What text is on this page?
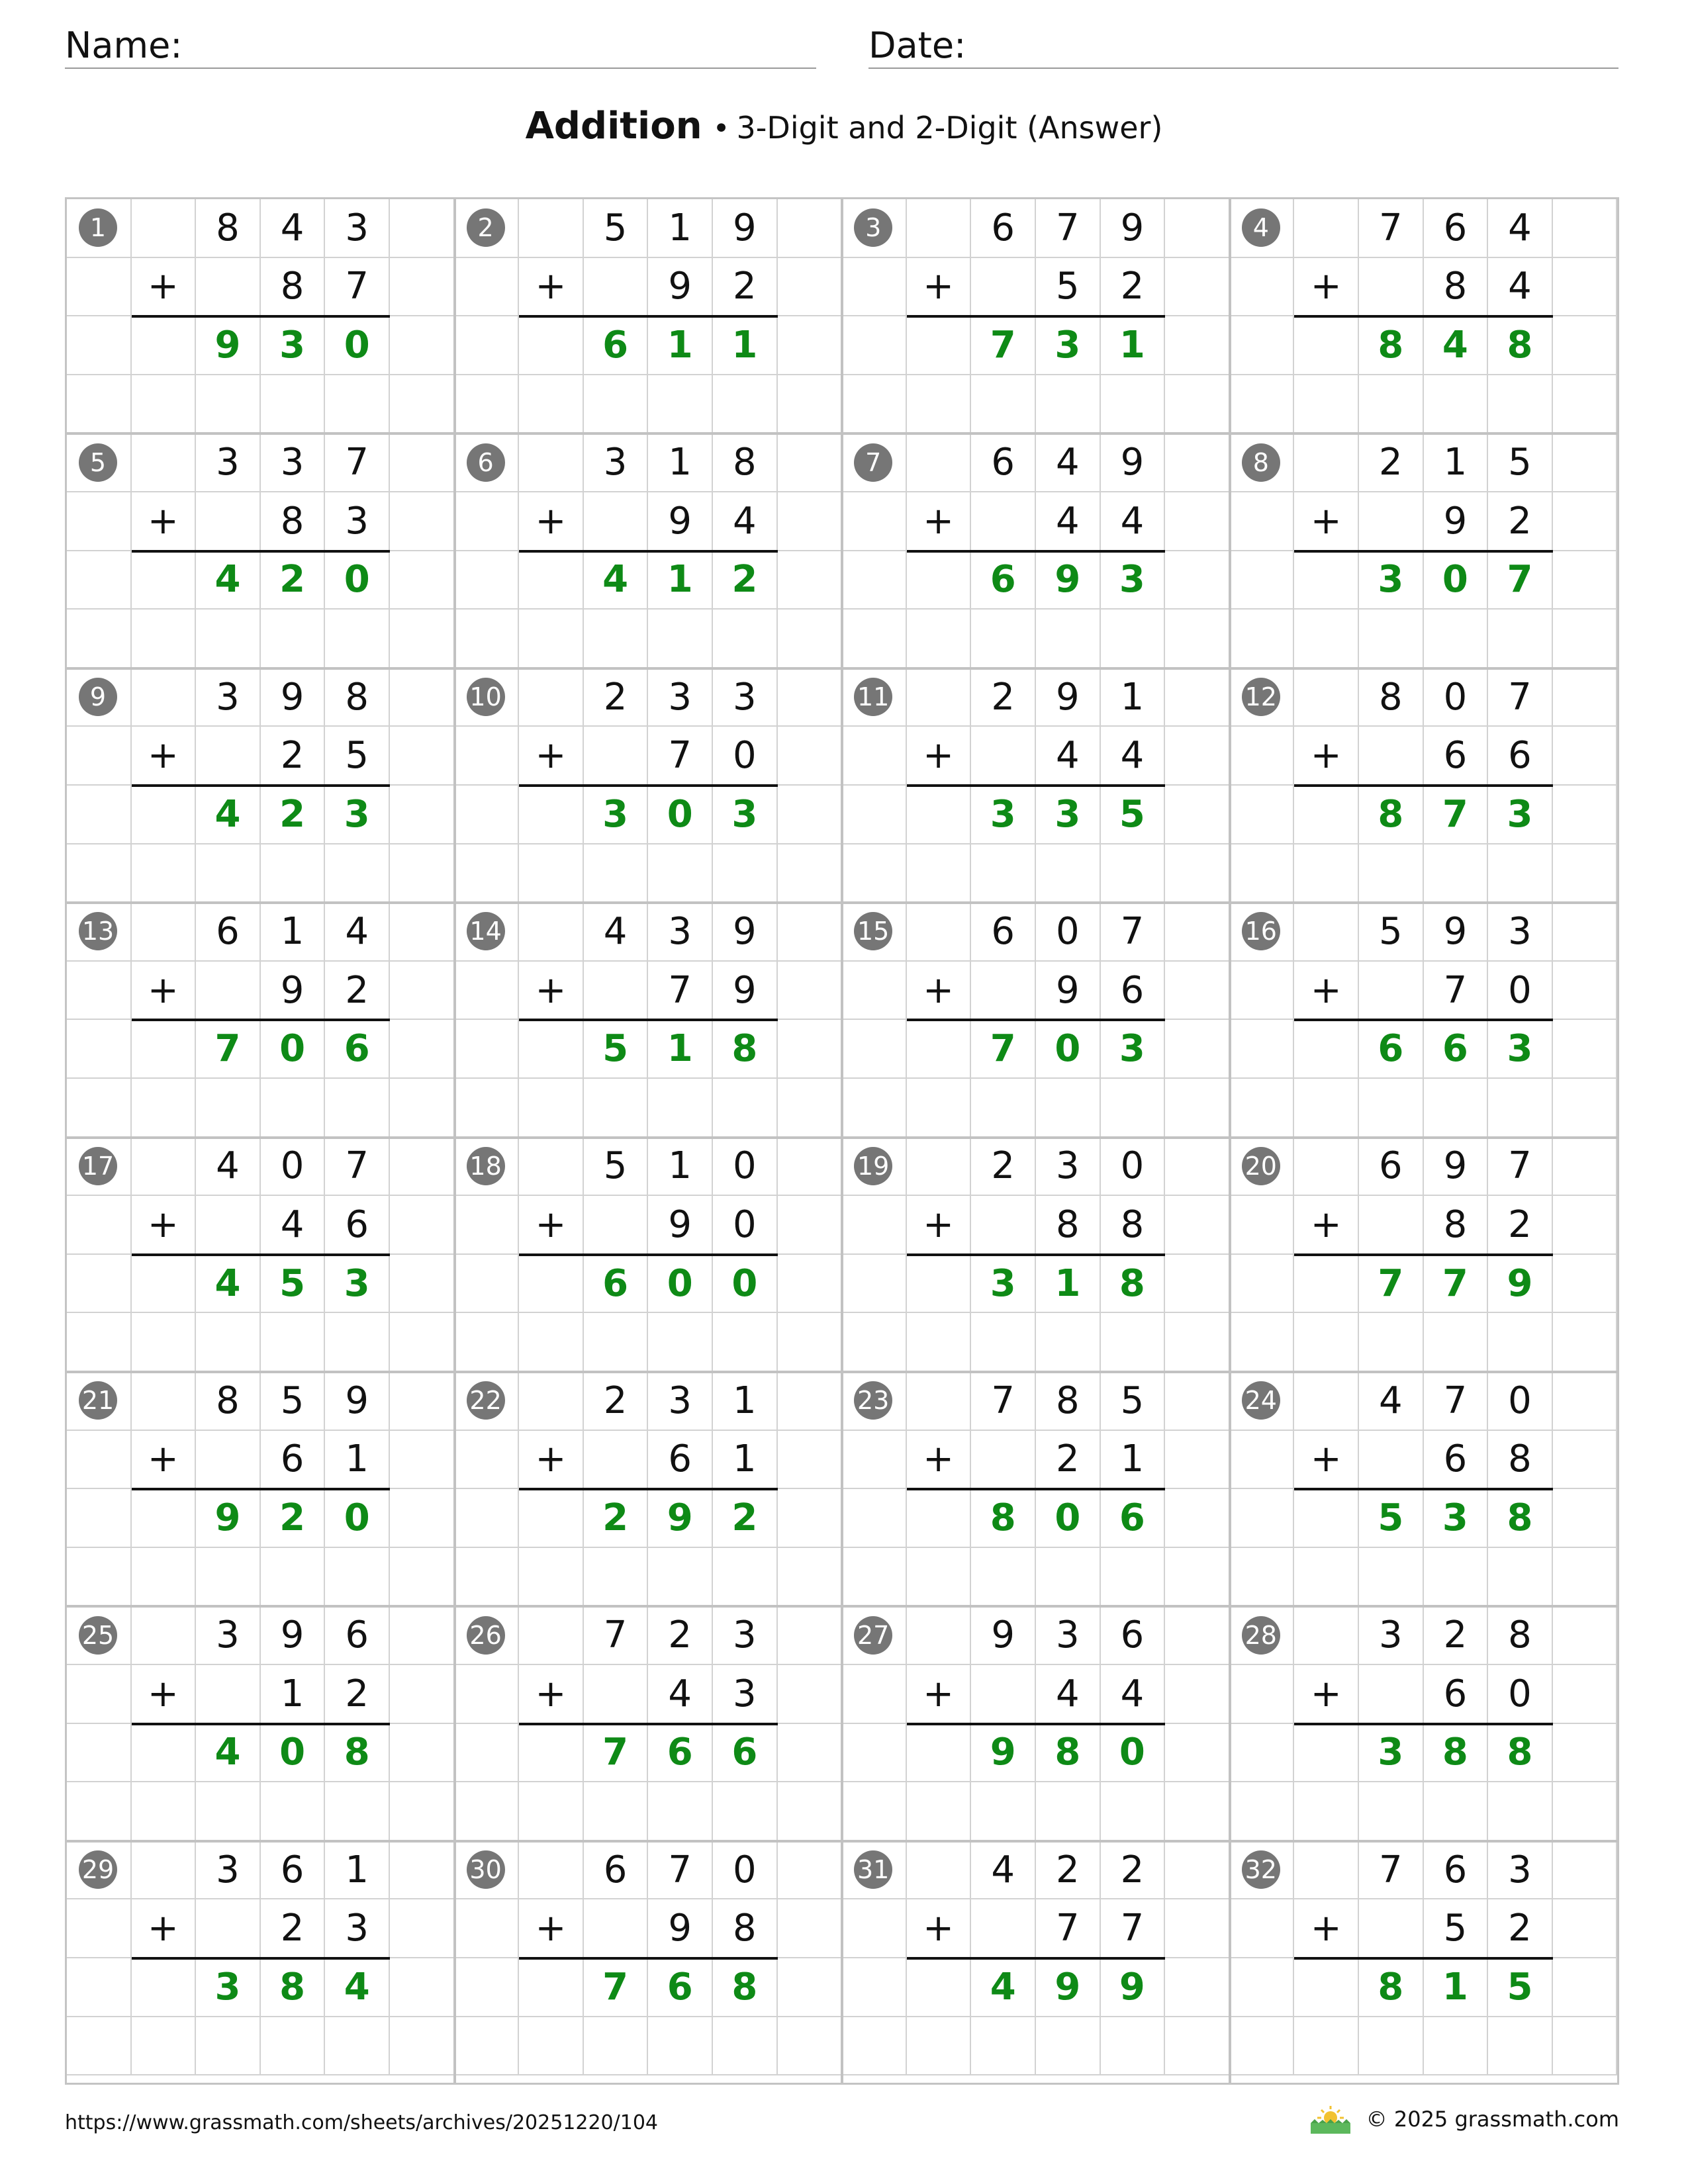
Name:	Date:
Addition • 3-Digit and 2-Digit (Answer)
1	8	4	3
+	8	7
9	3	0
2	5	1	9
+	9	2
6	1	1
3	6	7	9
+	5	2
7	3	1
4	7	6	4
+	8	4
8	4	8
5	3	3	7
+	8	3
4	2	0
6	3	1	8
+	9	4
4	1	2
7	6	4	9
+	4	4
6	9	3
8	2	1	5
+	9	2
3	0	7
9	3	9	8
+	2	5
4	2	3
10	2	3	3
+	7	0
3	0	3
11	2	9	1
+	4	4
3	3	5
12	8	0	7
+	6	6
8	7	3
13	6	1	4
+	9	2
7	0	6
14	4	3	9
+	7	9
5	1	8
15	6	0	7
+	9	6
7	0	3
16	5	9	3
+	7	0
6	6	3
17	4	0	7
+	4	6
4	5	3
18	5	1	0
+	9	0
6	0	0
19	2	3	0
+	8	8
3	1	8
20	6	9	7
+	8	2
7	7	9
21	8	5	9
+	6	1
9	2	0
22	2	3	1
+	6	1
2	9	2
23	7	8	5
+	2	1
8	0	6
24	4	7	0
+	6	8
5	3	8
25	3	9	6
+	1	2
4	0	8
26	7	2	3
+	4	3
7	6	6
27	9	3	6
+	4	4
9	8	0
28	3	2	8
+	6	0
3	8	8
29	3	6	1
+	2	3
3	8	4
30	6	7	0
+	9	8
7	6	8
31	4	2	2
+	7	7
4	9	9
32	7	6	3
+	5	2
8	1	5
https://www.grassmath.com/sheets/archives/20251220/104	© 2025 grassmath.com
